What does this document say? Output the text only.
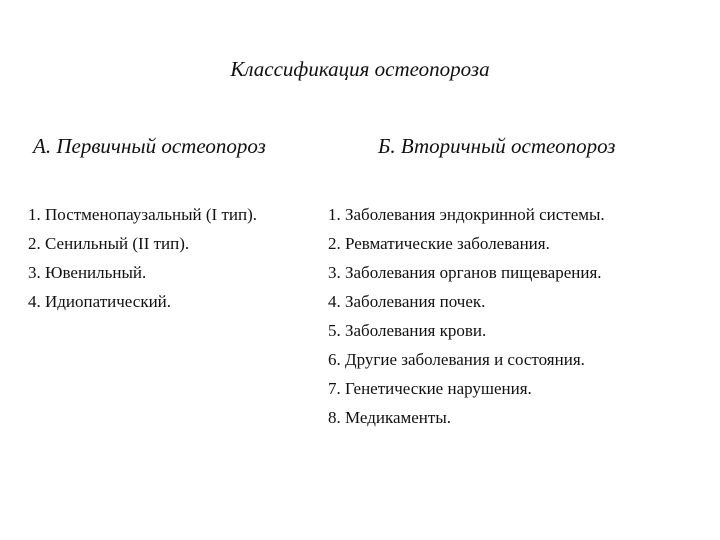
Классификация остеопороза
А. Первичный остеопороз
1. Постменопаузальный (I тип).
2. Сенильный (II тип).
3. Ювенильный.
4. Идиопатический.
Б. Вторичный остеопороз
1. Заболевания эндокринной системы.
2. Ревматические заболевания.
3. Заболевания органов пищеварения.
4. Заболевания почек.
5. Заболевания крови.
6. Другие заболевания и состояния.
7. Генетические нарушения.
8. Медикаменты.
